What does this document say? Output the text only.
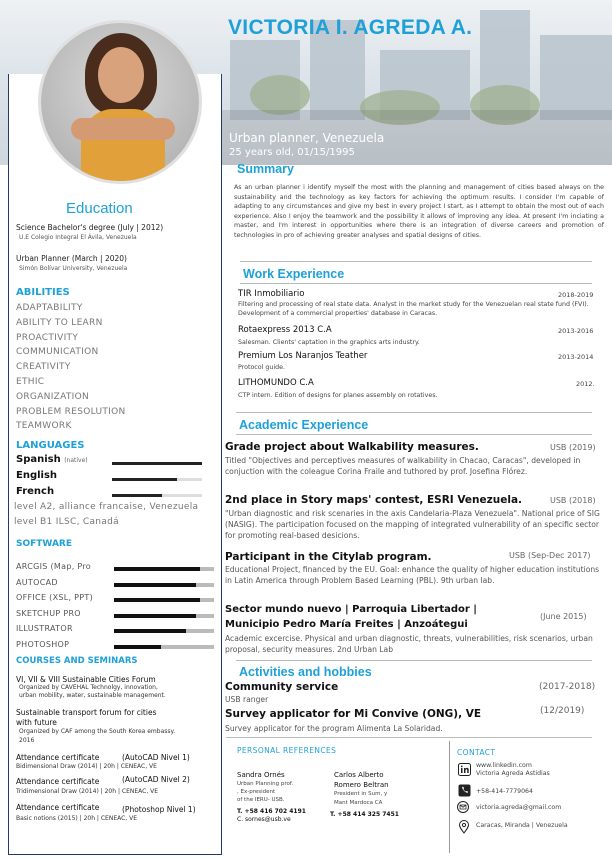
VICTORIA I. AGREDA A.
Urban planner, Venezuela
25 years old, 01/15/1995
Education
Science Bachelor's degree (July | 2012)
U.E Colegio Integral El Ávila, Venezuela
Urban Planner (March | 2020)
Simón Bolívar University, Venezuela
ABILITIES
ADAPTABILITY
ABILITY TO LEARN
PROACTIVITY
COMMUNICATION
CREATIVITY
ETHIC
ORGANIZATION
PROBLEM RESOLUTION
TEAMWORK
LANGUAGES
Spanish (native)
English
French
level A2, alliance francaise, Venezuela
level B1 ILSC, Canadá
SOFTWARE
ARCGIS (Map, Pro
AUTOCAD
OFFICE (XSL, PPT)
SKETCHUP PRO
ILLUSTRATOR
PHOTOSHOP
COURSES AND SEMINARS
VI, VII & VIII Sustainable Cities Forum
Organized by CAVEHAL Technolgy, innovation,
urban mobility, water, sustainable management.
Sustainable transport forum for cities
with future
Organized by CAF among the South Korea embassy.
2016
Attendance certificate	(AutoCAD Nivel 1)
Bidimensional Draw (2014) | 20h | CENEAC, VE
Attendance certificate	(AutoCAD Nivel 2)
Tridimensional Draw (2014) | 20h | CENEAC, VE
Attendance certificate	(Photoshop Nivel 1)
Basic notions (2015) | 20h | CENEAC, VE
Summary
As an urban planner i identify myself the most with the planning and management of cities based always on the sustainability and the technology as key factors for achieving the optimum results. I consider I'm capable of adapting to any circumstances and give my best in every project I start, as I attempt to obtain the most out of each experience. Also I enjoy the teamwork and the possibility it allows of improving any idea. At present I'm inciating a master, and I'm interest in opportunities where there is an integration of diverse careers and promotion of technologies in pro of achieving greater analyses and spatial designs of cities.
Work Experience
TIR Inmobiliario	2018-2019
Filtering and processing of real state data. Analyst in the market study for the Venezuelan real state fund (FVI). Development of a commercial properties' database in Caracas.
Rotaexpress 2013 C.A	2013-2016
Salesman. Clients' captation in the graphics arts industry.
Premium Los Naranjos Teather	2013-2014
Protocol guide.
LITHOMUNDO C.A	2012.
CTP intern. Edition of designs for planes assembly on rotatives.
Academic Experience
Grade project about Walkability measures.	USB (2019)
Titled "Objectives and perceptives measures of walkability in Chacao, Caracas", developed in conjuction with the coleague Corina Fraile and tuthored by prof. Josefina Flórez.
2nd place in Story maps' contest, ESRI Venezuela.	USB (2018)
"Urban diagnostic and risk scenaries in the axis Candelaria-Plaza Venezuela". National price of SIG (NASIG). The participation focused on the mapping of integrated vulnerability of an specific sector for promoting real-based desicions.
Participant in the Citylab program.	USB (Sep-Dec 2017)
Educational Project, financed by the EU. Goal: enhance the quality of higher education institutions in Latin America through Problem Based Learning (PBL). 9th urban lab.
Sector mundo nuevo | Parroquia Libertador |
Municipio Pedro María Freites | Anzoátegui
(June 2015)
Academic excercise. Physical and urban diagnostic, threats, vulnerabilities, risk scenarios, urban proposal, security measures. 2nd Urban Lab
Activities and hobbies
Community service	(2017-2018)
USB ranger
Survey applicator for Mi Convive (ONG), VE	(12/2019)
Survey applicator for the program Alimenta La Solaridad.
PERSONAL REFERENCES
Sandra Ornés
Urban Planning prof.
, Ex-president
of the IERU- USB.
T. +58 416 702 4191
C. sornes@usb.ve
Carlos Alberto
Romero Beltran
President in Sum, y
Mant Mardoca CA
T. +58 414 325 7451
CONTACT
www.linkedin.com
Victoria Agreda Astidias
+58-414-7779064
victoria.agreda@gmail.com
Caracas, Miranda | Venezuela
